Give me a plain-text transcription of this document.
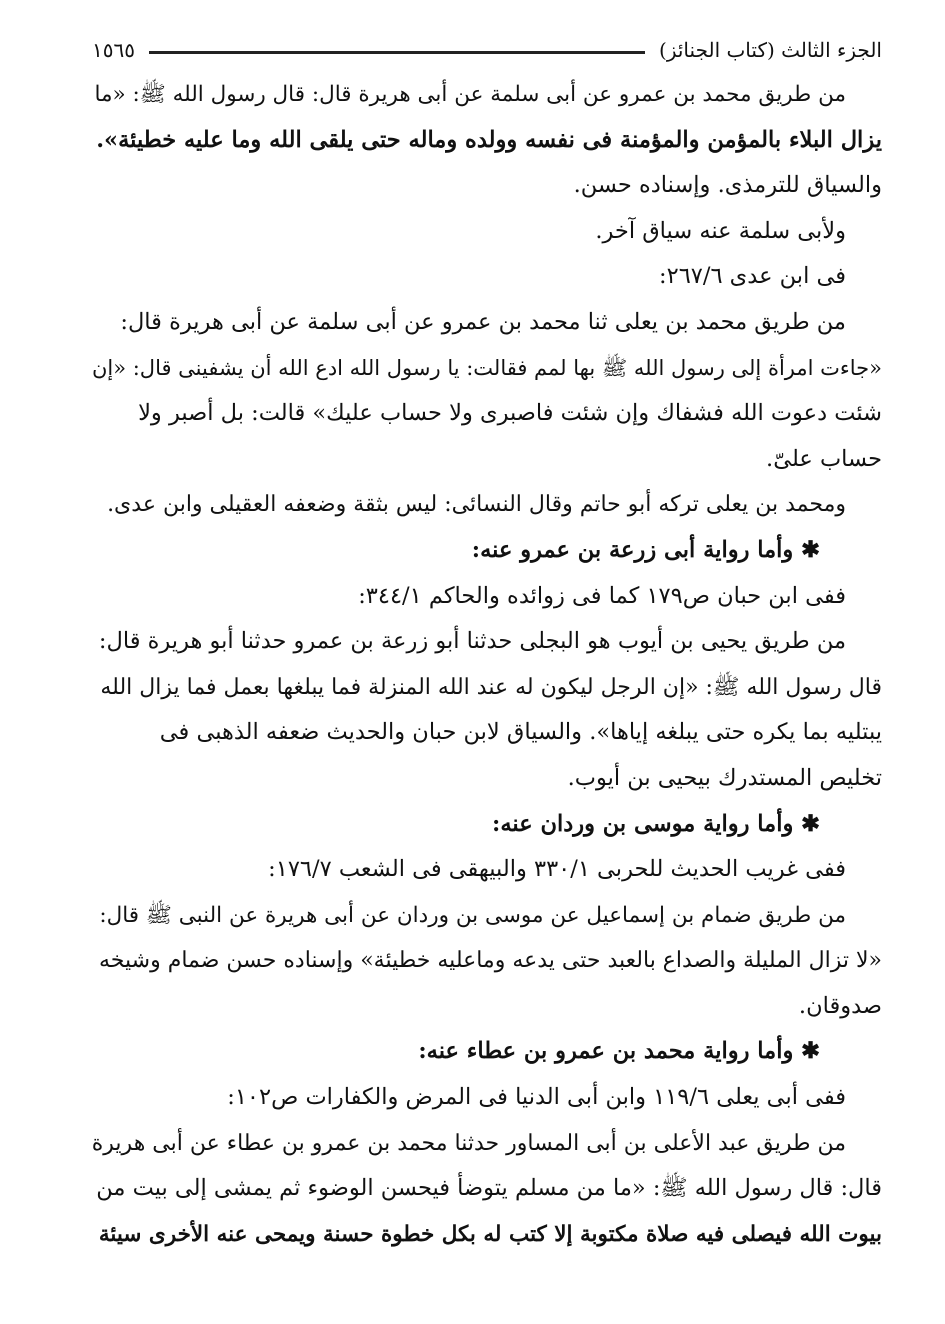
الجزء الثالث (كتاب الجنائز)
١٥٦٥
من طريق محمد بن عمرو عن أبى سلمة عن أبى هريرة قال: قال رسول الله ﷺ: «ما
يزال البلاء بالمؤمن والمؤمنة فى نفسه وولده وماله حتى يلقى الله وما عليه خطيئة».
والسياق للترمذى. وإسناده حسن.
ولأبى سلمة عنه سياق آخر.
فى ابن عدى ٢٦٧/٦:
من طريق محمد بن يعلى ثنا محمد بن عمرو عن أبى سلمة عن أبى هريرة قال:
«جاءت امرأة إلى رسول الله ﷺ بها لمم فقالت: يا رسول الله ادع الله أن يشفينى قال: «إن
شئت دعوت الله فشفاك وإن شئت فاصبرى ولا حساب عليك» قالت: بل أصبر ولا
حساب علىّ.
ومحمد بن يعلى تركه أبو حاتم وقال النسائى: ليس بثقة وضعفه العقيلى وابن عدى.
✱ وأما رواية أبى زرعة بن عمرو عنه:
ففى ابن حبان ص١٧٩ كما فى زوائده والحاكم ٣٤٤/١:
من طريق يحيى بن أيوب هو البجلى حدثنا أبو زرعة بن عمرو حدثنا أبو هريرة قال:
قال رسول الله ﷺ: «إن الرجل ليكون له عند الله المنزلة فما يبلغها بعمل فما يزال الله
يبتليه بما يكره حتى يبلغه إياها». والسياق لابن حبان والحديث ضعفه الذهبى فى
تخليص المستدرك بيحيى بن أيوب.
✱ وأما رواية موسى بن وردان عنه:
ففى غريب الحديث للحربى ٣٣٠/١ والبيهقى فى الشعب ١٧٦/٧:
من طريق ضمام بن إسماعيل عن موسى بن وردان عن أبى هريرة عن النبى ﷺ قال:
«لا تزال المليلة والصداع بالعبد حتى يدعه وماعليه خطيئة» وإسناده حسن ضمام وشيخه
صدوقان.
✱ وأما رواية محمد بن عمرو بن عطاء عنه:
ففى أبى يعلى ١١٩/٦ وابن أبى الدنيا فى المرض والكفارات ص١٠٢:
من طريق عبد الأعلى بن أبى المساور حدثنا محمد بن عمرو بن عطاء عن أبى هريرة
قال: قال رسول الله ﷺ: «ما من مسلم يتوضأ فيحسن الوضوء ثم يمشى إلى بيت من
بيوت الله فيصلى فيه صلاة مكتوبة إلا كتب له بكل خطوة حسنة ويمحى عنه الأخرى سيئة
